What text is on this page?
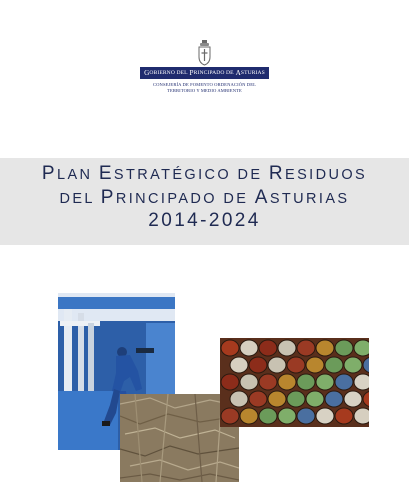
G OBIERNO DEL
P RINCIPADO DE
A STURIAS
CONSEJERÍA DE FOMENTO ORDENACIÓN DEL
TERRITORIO Y MEDIO AMBIENTE
PLAN ESTRATÉGICO DE RESIDUOS
DEL PRINCIPADO DE ASTURIAS
2014-2024
